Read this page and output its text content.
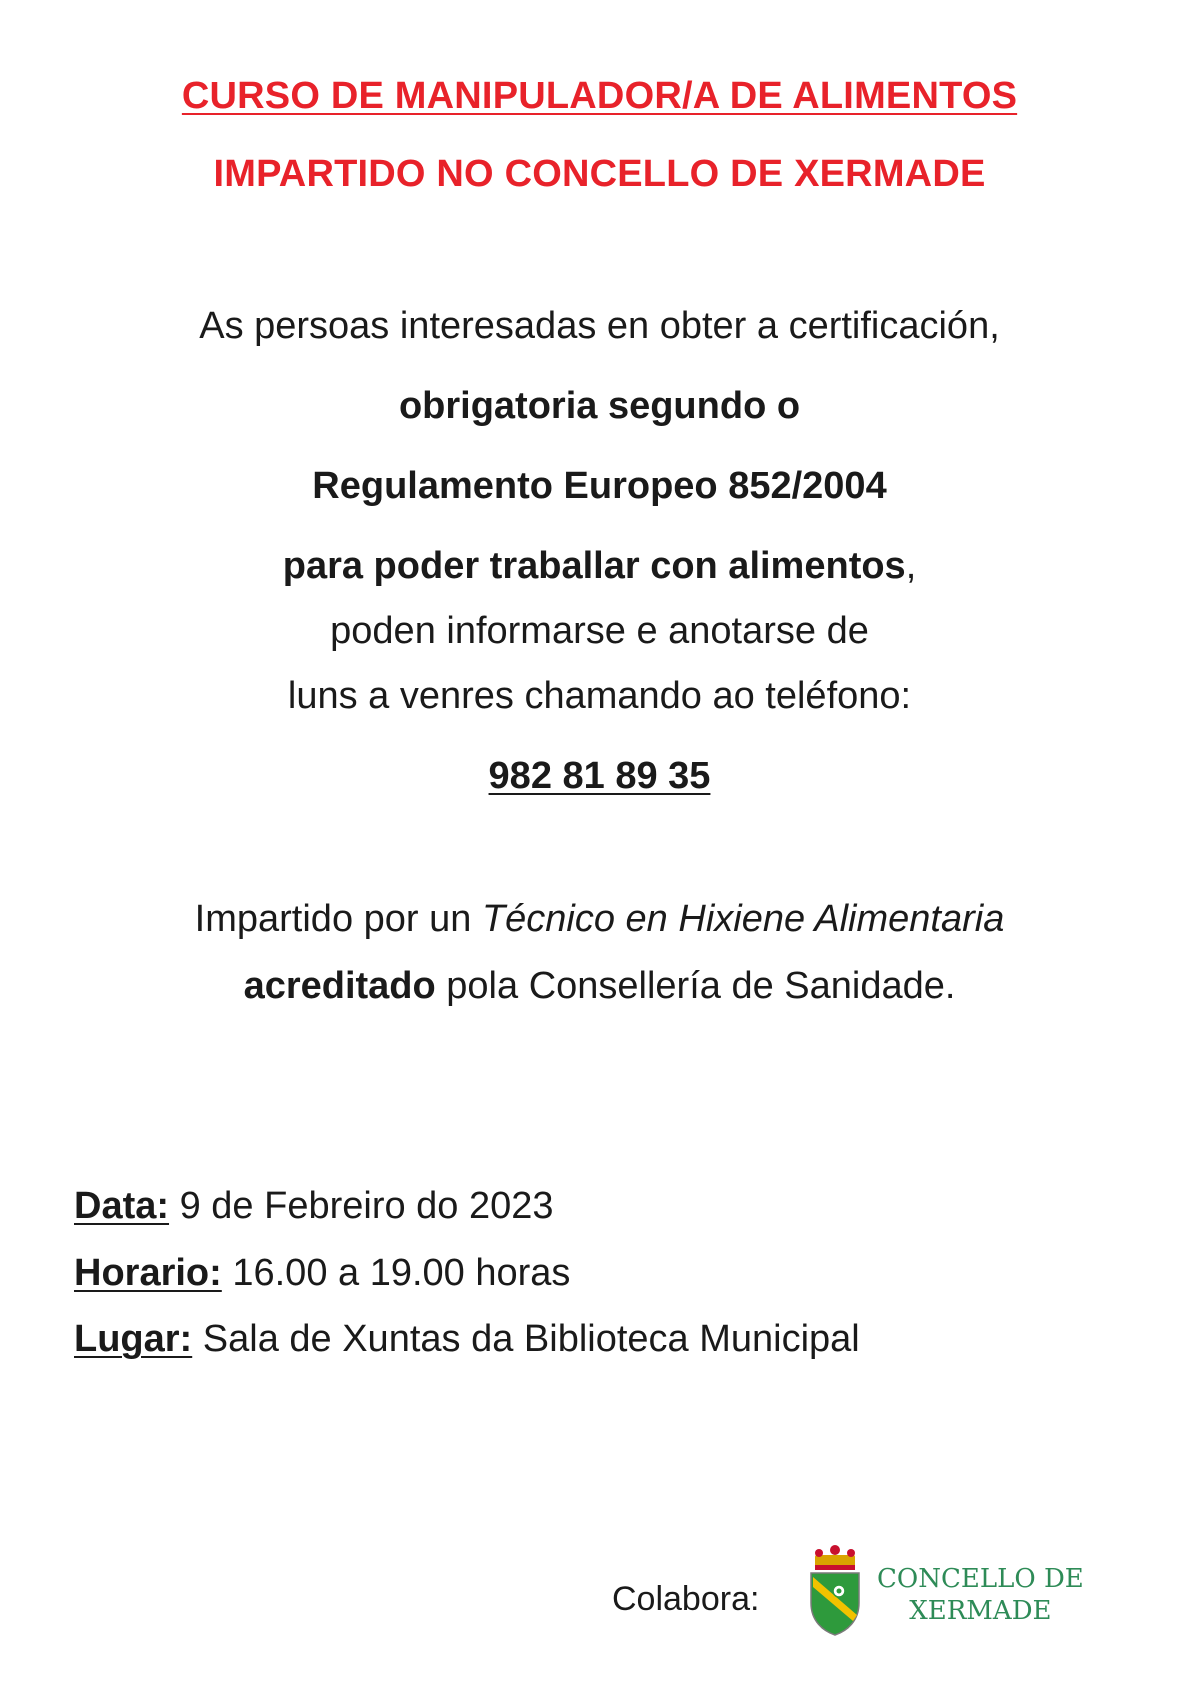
CURSO DE MANIPULADOR/A DE ALIMENTOS
IMPARTIDO NO CONCELLO DE XERMADE
As persoas interesadas en obter a certificación,
obrigatoria segundo o
Regulamento Europeo 852/2004
para poder traballar con alimentos,
poden informarse e anotarse de
luns a venres chamando ao teléfono:
982 81 89 35
Impartido por un Técnico en Hixiene Alimentaria
acreditado pola Consellería de Sanidade.
Data: 9 de Febreiro do 2023
Horario: 16.00 a 19.00 horas
Lugar: Sala de Xuntas da Biblioteca Municipal
Colabora:
CONCELLO DE
XERMADE
